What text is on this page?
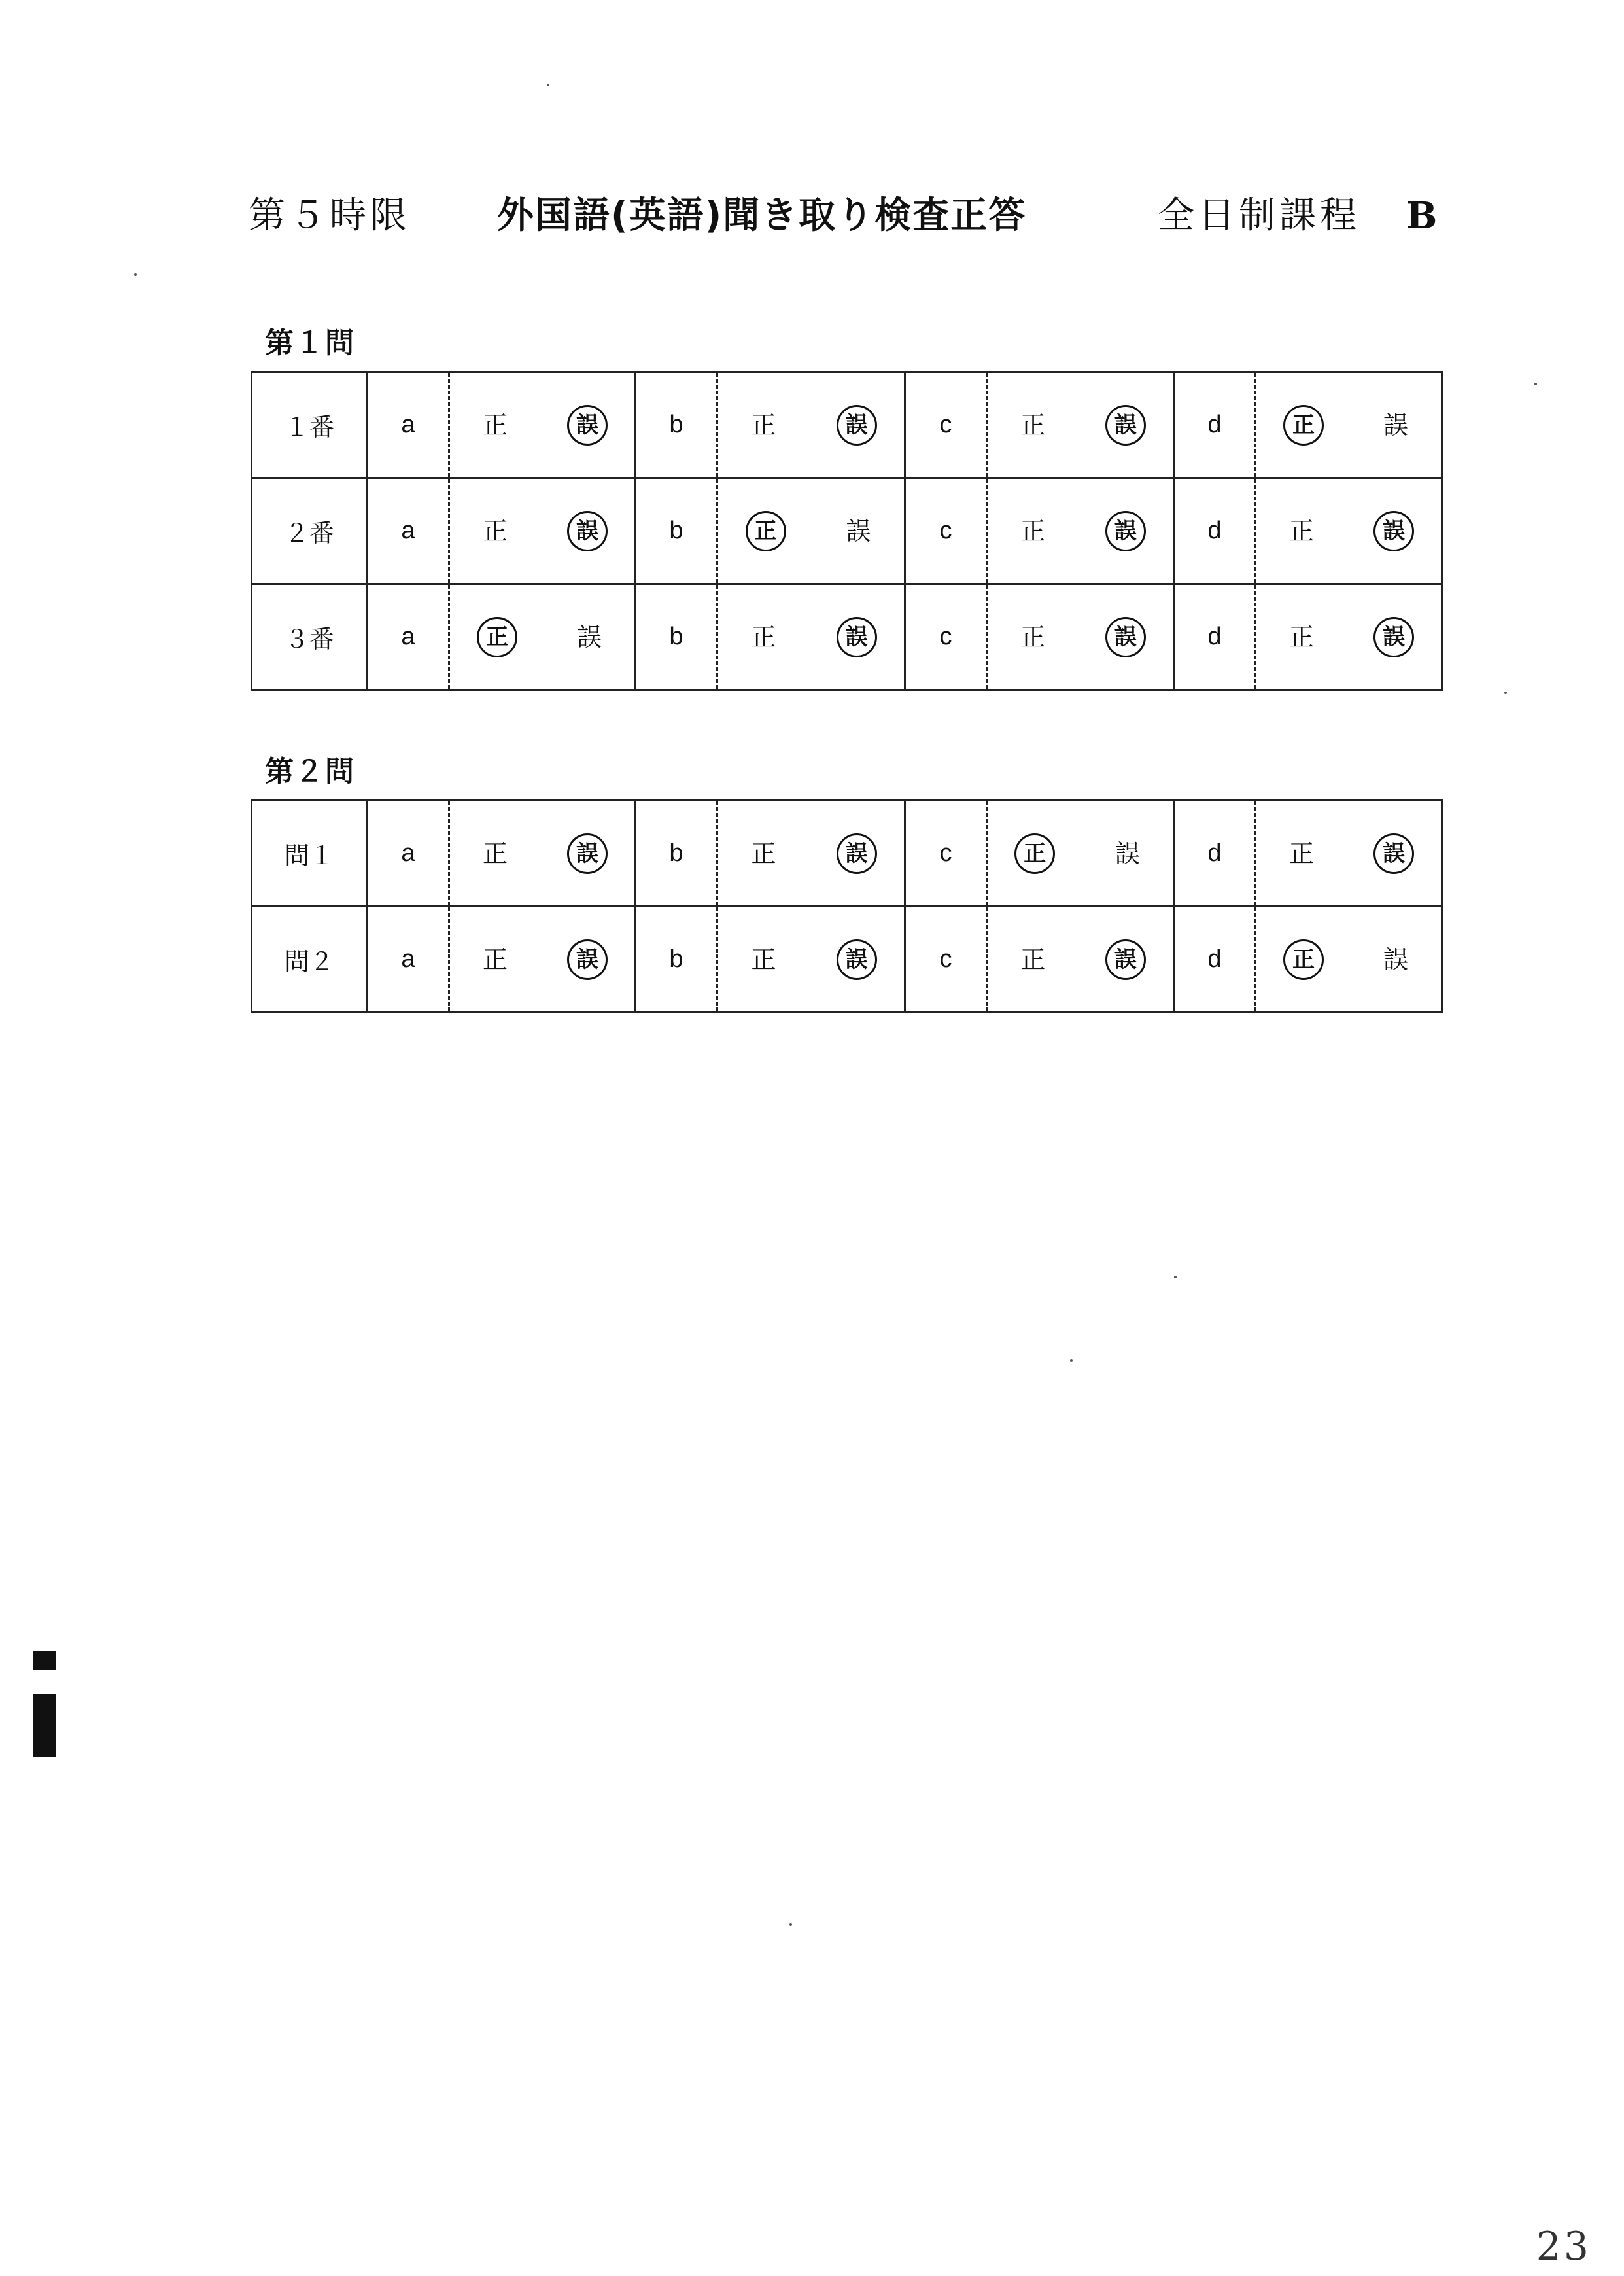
第５時限 外国語(英語)聞き取り検査正答	全日制課程 B
第１問
１番	a	正 誤	b	正 誤	c	正 誤	d	正 誤

２番	a	正 誤	b	正 誤	c	正 誤	d	正 誤

３番	a	正 誤	b	正 誤	c	正 誤	d	正 誤
第２問
問１	a	正 誤	b	正 誤	c	正 誤	d	正 誤

問２	a	正 誤	b	正 誤	c	正 誤	d	正 誤
23
